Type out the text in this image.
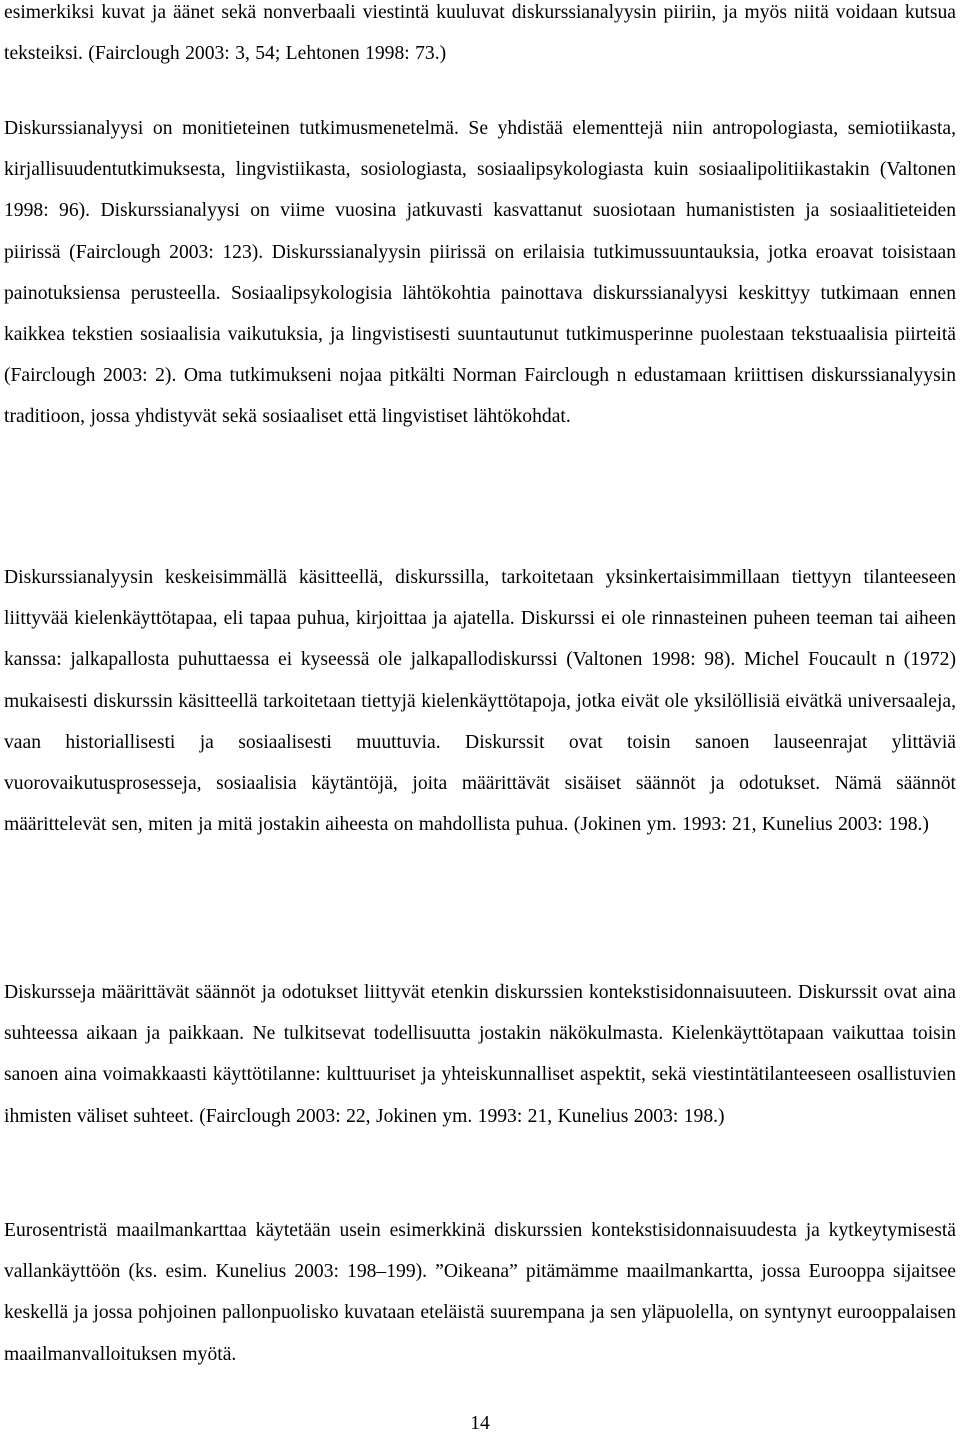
esimerkiksi kuvat ja äänet sekä nonverbaali viestintä kuuluvat diskurssianalyysin piiriin, ja myös niitä voidaan kutsua teksteiksi. (Fairclough 2003: 3, 54; Lehtonen 1998: 73.)

Diskurssianalyysi on monitieteinen tutkimusmenetelmä. Se yhdistää elementtejä niin antropologiasta, semiotiikasta, kirjallisuudentutkimuksesta, lingvistiikasta, sosiologiasta, sosiaalipsykologiasta kuin sosiaalipolitiikastakin (Valtonen 1998: 96). Diskurssianalyysi on viime vuosina jatkuvasti kasvattanut suosiotaan humanististen ja sosiaalitieteiden piirissä (Fairclough 2003: 123). Diskurssianalyysin piirissä on erilaisia tutkimussuuntauksia, jotka eroavat toisistaan painotuksiensa perusteella. Sosiaalipsykologisia lähtökohtia painottava diskurssianalyysi keskittyy tutkimaan ennen kaikkea tekstien sosiaalisia vaikutuksia, ja lingvistisesti suuntautunut tutkimusperinne puolestaan tekstuaalisia piirteitä (Fairclough 2003: 2). Oma tutkimukseni nojaa pitkälti Norman Fairclough n edustamaan kriittisen diskurssianalyysin traditioon, jossa yhdistyvät sekä sosiaaliset että lingvistiset lähtökohdat.

Diskurssianalyysin keskeisimmällä käsitteellä, diskurssilla, tarkoitetaan yksinkertaisimmillaan tiettyyn tilanteeseen liittyvää kielenkäyttötapaa, eli tapaa puhua, kirjoittaa ja ajatella. Diskurssi ei ole rinnasteinen puheen teeman tai aiheen kanssa: jalkapallosta puhuttaessa ei kyseessä ole jalkapallodiskurssi (Valtonen 1998: 98). Michel Foucault n (1972) mukaisesti diskurssin käsitteellä tarkoitetaan tiettyjä kielenkäyttötapoja, jotka eivät ole yksilöllisiä eivätkä universaaleja, vaan historiallisesti ja sosiaalisesti muuttuvia. Diskurssit ovat toisin sanoen lauseenrajat ylittäviä vuorovaikutusprosesseja, sosiaalisia käytäntöjä, joita määrittävät sisäiset säännöt ja odotukset. Nämä säännöt määrittelevät sen, miten ja mitä jostakin aiheesta on mahdollista puhua. (Jokinen ym. 1993: 21, Kunelius 2003: 198.)

Diskursseja määrittävät säännöt ja odotukset liittyvät etenkin diskurssien kontekstisidonnaisuuteen. Diskurssit ovat aina suhteessa aikaan ja paikkaan. Ne tulkitsevat todellisuutta jostakin näkökulmasta. Kielenkäyttötapaan vaikuttaa toisin sanoen aina voimakkaasti käyttötilanne: kulttuuriset ja yhteiskunnalliset aspektit, sekä viestintätilanteeseen osallistuvien ihmisten väliset suhteet. (Fairclough 2003: 22, Jokinen ym. 1993: 21, Kunelius 2003: 198.)

Eurosentristä maailmankarttaa käytetään usein esimerkkinä diskurssien kontekstisidonnaisuudesta ja kytkeytymisestä vallankäyttöön (ks. esim. Kunelius 2003: 198–199). ”Oikeana” pitämämme maailmankartta, jossa Eurooppa sijaitsee keskellä ja jossa pohjoinen pallonpuolisko kuvataan eteläistä suurempana ja sen yläpuolella, on syntynyt eurooppalaisen maailmanvalloituksen myötä.

14
